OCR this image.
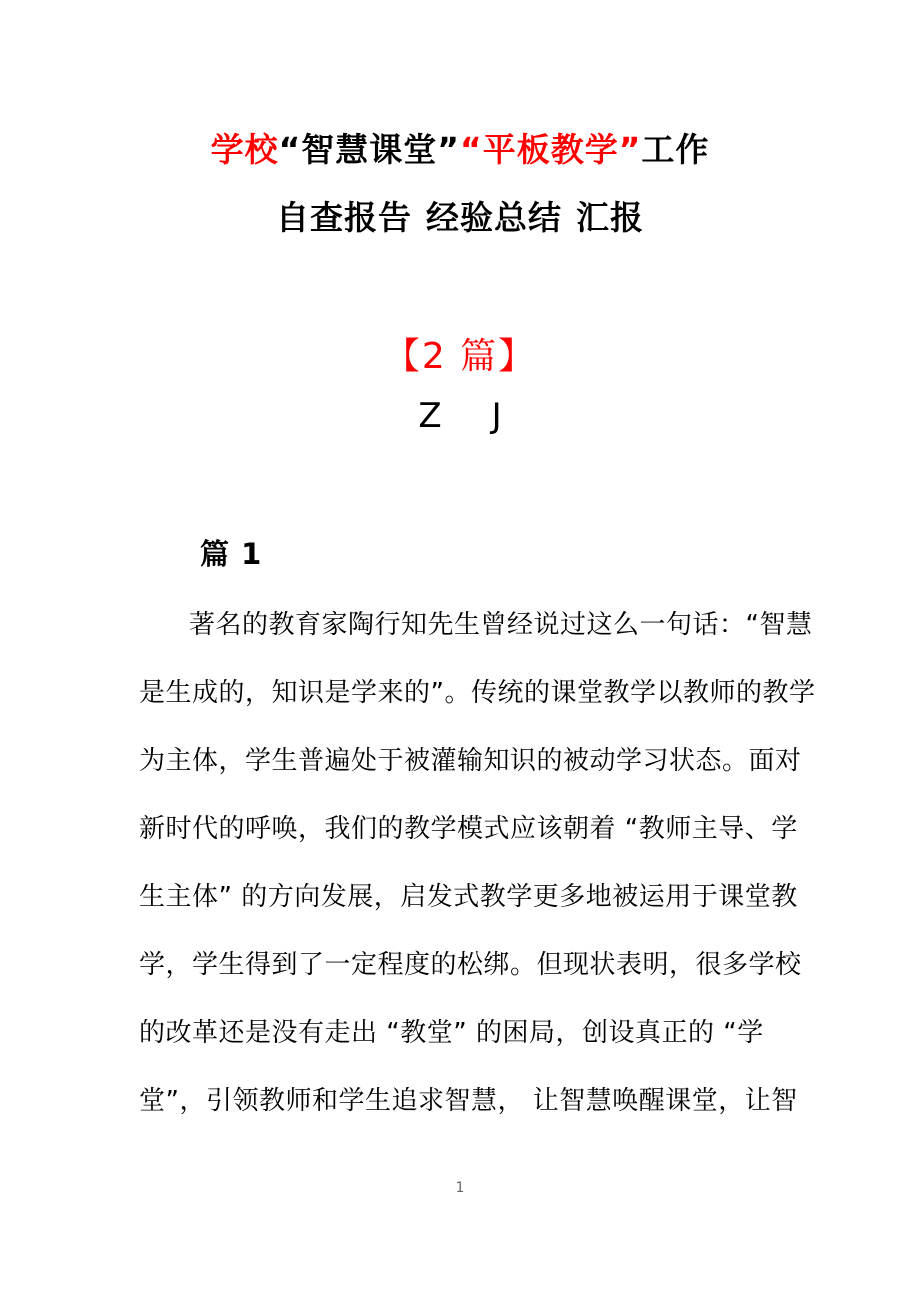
学校“智慧课堂”“平板教学”工作
自查报告 经验总结 汇报
【2 篇】
Z J
篇 1
著名的教育家陶行知先生曾经说过这么一句话：“智慧
是生成的，知识是学来的”。传统的课堂教学以教师的教学
为主体，学生普遍处于被灌输知识的被动学习状态。面对
新时代的呼唤，我们的教学模式应该朝着 “教师主导、学
生主体” 的方向发展，启发式教学更多地被运用于课堂教
学，学生得到了一定程度的松绑。但现状表明，很多学校
的改革还是没有走出 “教堂” 的困局，创设真正的 “学
堂”，引领教师和学生追求智慧， 让智慧唤醒课堂，让智
1
